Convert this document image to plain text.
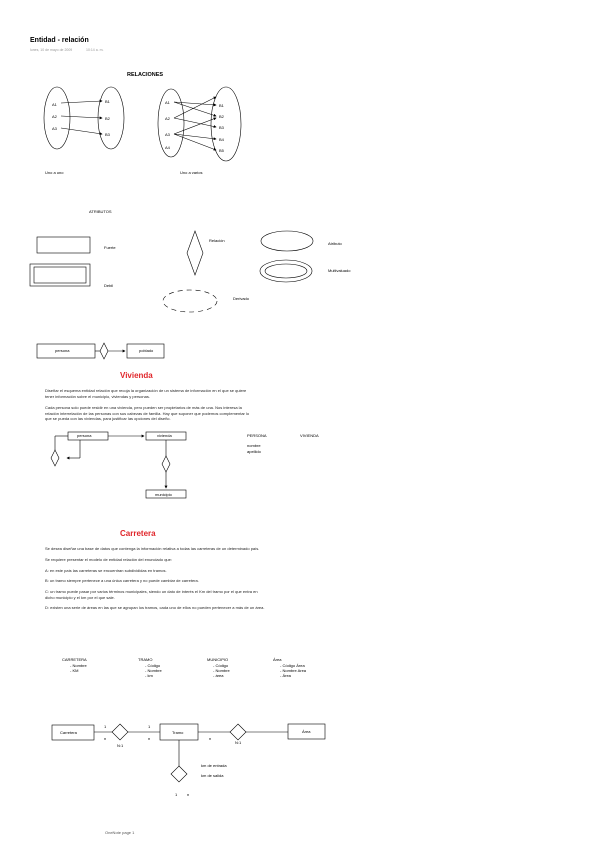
Entidad - relación
lunes, 10 de mayo de 2009	10:14 a. m.
RELACIONES
A1
A2
A3
B1
B2
B3
Uno a uno
A1
A2
A3
A4
B1
B2
B3
B4
B5
Uno a varios
ATRIBUTOS
Fuerte
Debil
Relación
Atributo
Multivaluado
Derivado
persona	poblado
Vivienda
Diseñar el esquema entidad relación que recoja la organización de un sistema de información en el que se quiere tener información sobre el municipio, viviendas y personas.
Cada persona solo puede residir en una vivienda, pero pueden ser propietarios de más de una. Nos interesa la relación interrelación de las personas con sus cabezas de familia. Hay que suponer que podemos complementar lo que se pueda con las viviendas, para justificar las opciones del diseño.
persona	vivienda
municipio
PERSONA	VIVIENDA
nombre
apellido
Carretera
Se desea diseñar una base de datos que contenga la información relativa a todas las carreteras de un determinado país.
Se requiere presentar el modelo de entidad relación del enunciado que:
A: en este país las carreteras se encuentran subdivididas en tramos.
B: un tramo siempre pertenece a una única carretera y no puede cambiar de carretera.
C: un tramo puede pasar por varios términos municipales, siendo un dato de interés el Km del tramo por el que entra en dicho municipio y el km por el que sale.
D: existen una serie de áreas en las que se agrupan los tramos, cada uno de ellos no pueden pertenecer a más de un área.
CARRETERA
- Nombre
- KM
TRAMO
- Código
- Nombre
- km
MUNICIPIO
- Código
- Nombre
- área
Área
- Código Área
- Nombre Area
- Área
Carretera	Tramo	Área
1
n
1
n	n
N:1
N:1
km de entrada
km de salida
1 n
OneNote page 1
